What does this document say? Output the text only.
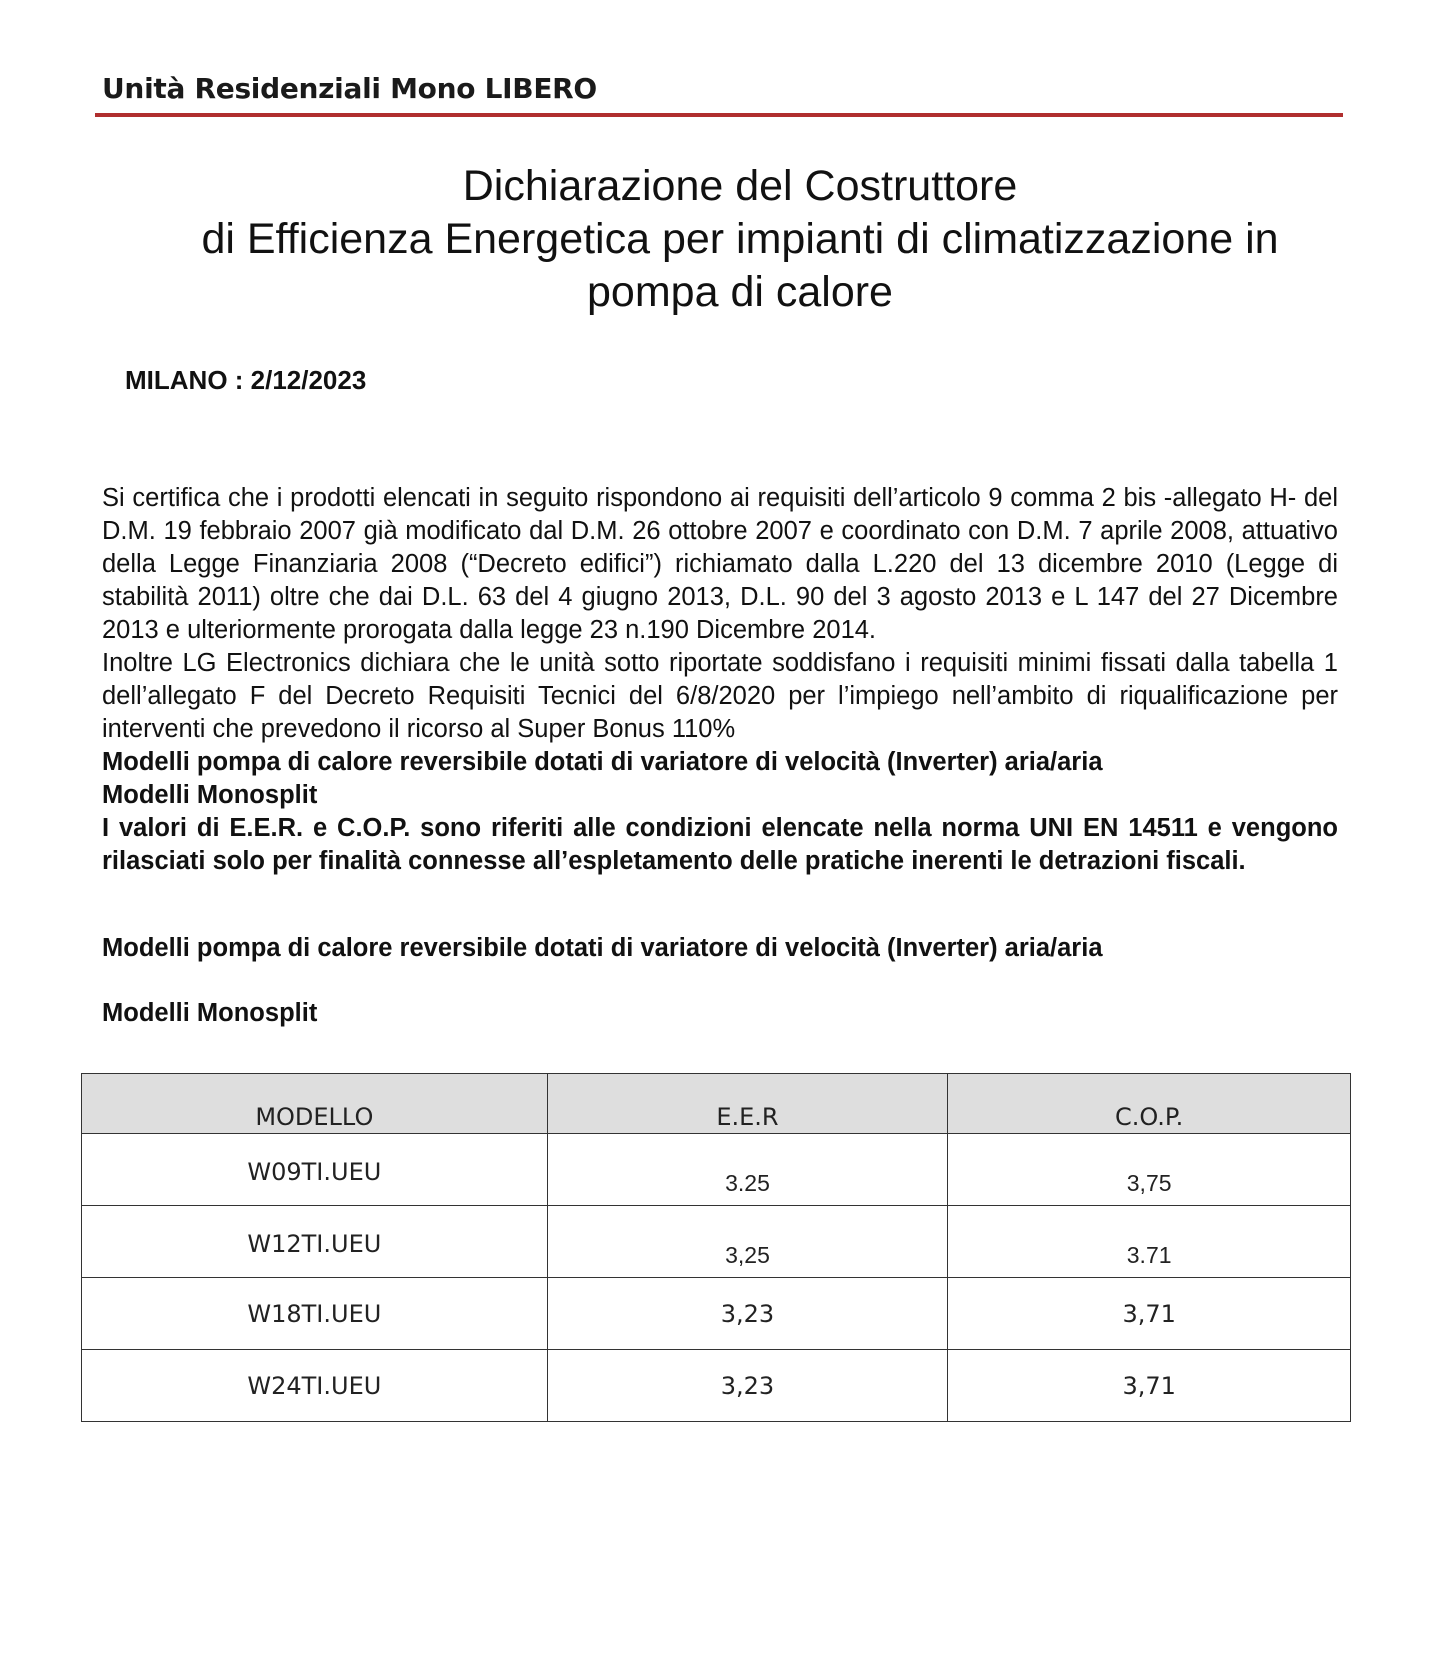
Unità Residenziali Mono LIBERO
Dichiarazione del Costruttore
di Efficienza Energetica per impianti di climatizzazione in
pompa di calore
MILANO : 2/12/2023

Si certifica che i prodotti elencati in seguito rispondono ai requisiti dell’articolo 9 comma 2 bis -allegato H- del D.M. 19 febbraio 2007 già modificato dal D.M. 26 ottobre 2007 e coordinato con D.M. 7 aprile 2008, attuativo della Legge Finanziaria 2008 (“Decreto edifici”) richiamato dalla L.220 del 13 dicembre 2010 (Legge di stabilità 2011) oltre che dai D.L. 63 del 4 giugno 2013, D.L. 90 del 3 agosto 2013 e L 147 del 27 Dicembre 2013 e ulteriormente prorogata dalla legge 23 n.190 Dicembre 2014.

Inoltre LG Electronics dichiara che le unità sotto riportate soddisfano i requisiti minimi fissati dalla tabella 1 dell’allegato F del Decreto Requisiti Tecnici del 6/8/2020 per l’impiego nell’ambito di riqualificazione per interventi che prevedono il ricorso al Super Bonus 110%

Modelli pompa di calore reversibile dotati di variatore di velocità (Inverter) aria/aria

Modelli Monosplit

I valori di E.E.R. e C.O.P. sono riferiti alle condizioni elencate nella norma UNI EN 14511 e vengono rilasciati solo per finalità connesse all’espletamento delle pratiche inerenti le detrazioni fiscali.

Modelli pompa di calore reversibile dotati di variatore di velocità (Inverter) aria/aria
Modelli Monosplit
MODELLO	E.E.R	C.O.P.
W09TI.UEU	3.25	3,75
W12TI.UEU	3,25	3.71
W18TI.UEU	3,23	3,71
W24TI.UEU	3,23	3,71
